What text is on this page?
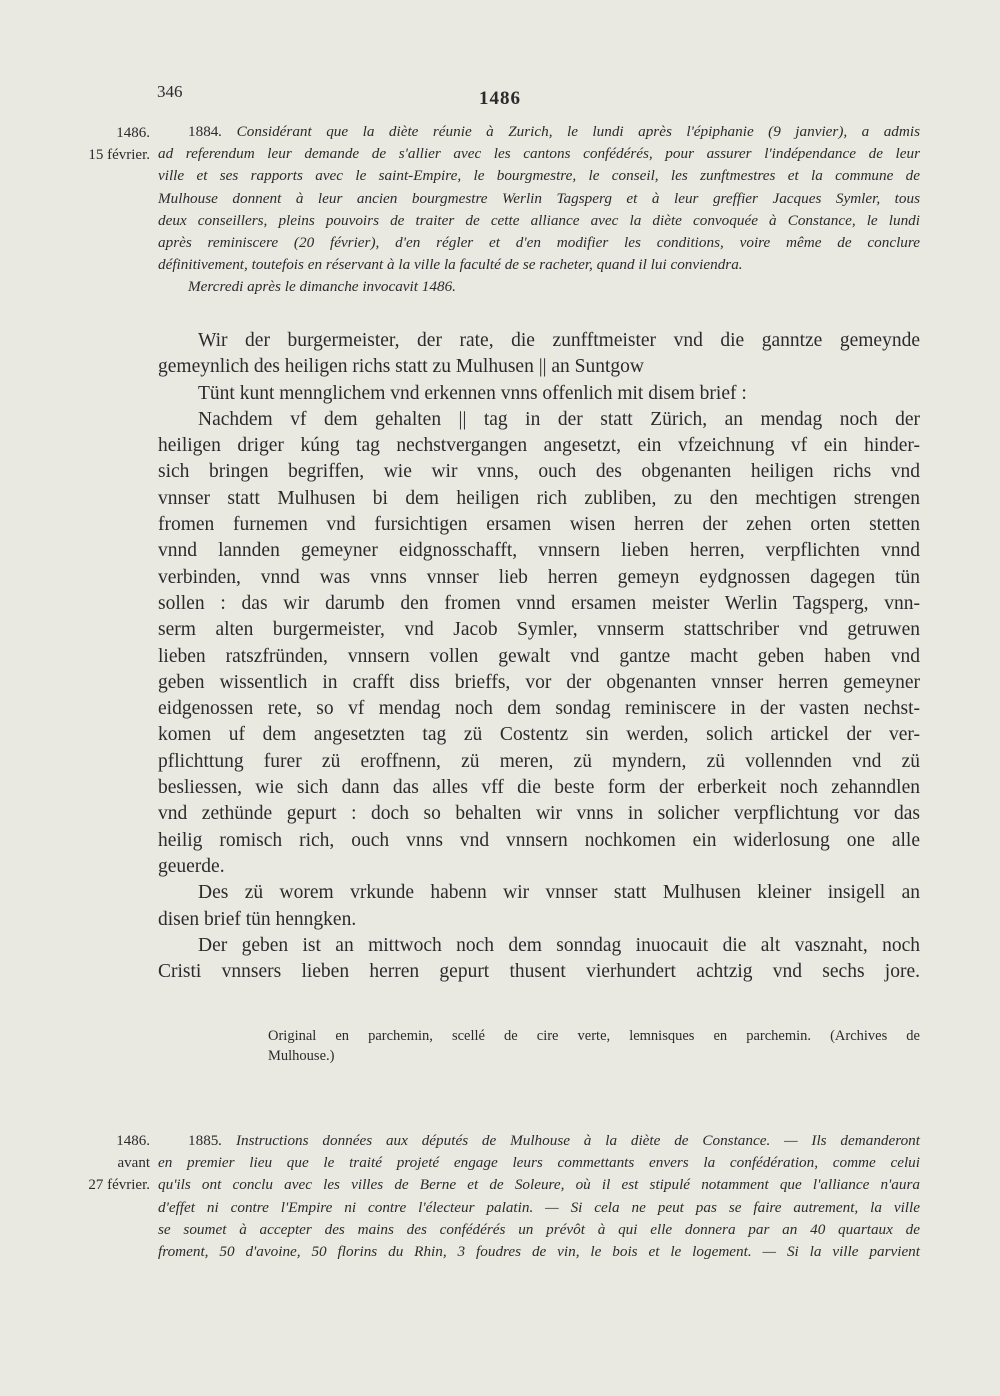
346	1486
1486.
15 février.
1884. Considérant que la diète réunie à Zurich, le lundi après l'épiphanie (9 janvier), a admis
ad referendum leur demande de s'allier avec les cantons confédérés, pour assurer l'indépendance de leur
ville et ses rapports avec le saint-Empire, le bourgmestre, le conseil, les zunftmestres et la commune de
Mulhouse donnent à leur ancien bourgmestre Werlin Tagsperg et à leur greffier Jacques Symler, tous
deux conseillers, pleins pouvoirs de traiter de cette alliance avec la diète convoquée à Constance, le lundi
après reminiscere (20 février), d'en régler et d'en modifier les conditions, voire même de conclure
définitivement, toutefois en réservant à la ville la faculté de se racheter, quand il lui conviendra.
Mercredi après le dimanche invocavit 1486.
Wir der burgermeister, der rate, die zunfftmeister vnd die ganntze gemeynde
gemeynlich des heiligen richs statt zu Mulhusen || an Suntgow
Tünt kunt mennglichem vnd erkennen vnns offenlich mit disem brief :
Nachdem vf dem gehalten || tag in der statt Zürich, an mendag noch der
heiligen driger kúng tag nechstvergangen angesetzt, ein vfzeichnung vf ein hinder-
sich bringen begriffen, wie wir vnns, ouch des obgenanten heiligen richs vnd
vnnser statt Mulhusen bi dem heiligen rich zubliben, zu den mechtigen strengen
fromen furnemen vnd fursichtigen ersamen wisen herren der zehen orten stetten
vnnd lannden gemeyner eidgnosschafft, vnnsern lieben herren, verpflichten vnnd
verbinden, vnnd was vnns vnnser lieb herren gemeyn eydgnossen dagegen tün
sollen : das wir darumb den fromen vnnd ersamen meister Werlin Tagsperg, vnn-
serm alten burgermeister, vnd Jacob Symler, vnnserm stattschriber vnd getruwen
lieben ratszfründen, vnnsern vollen gewalt vnd gantze macht geben haben vnd
geben wissentlich in crafft diss brieffs, vor der obgenanten vnnser herren gemeyner
eidgenossen rete, so vf mendag noch dem sondag reminiscere in der vasten nechst-
komen uf dem angesetzten tag zü Costentz sin werden, solich artickel der ver-
pflichttung furer zü eroffnenn, zü meren, zü myndern, zü vollennden vnd zü
besliessen, wie sich dann das alles vff die beste form der erberkeit noch zehanndlen
vnd zethünde gepurt : doch so behalten wir vnns in solicher verpflichtung vor das
heilig romisch rich, ouch vnns vnd vnnsern nochkomen ein widerlosung one alle
geuerde.
Des zü worem vrkunde habenn wir vnnser statt Mulhusen kleiner insigell an
disen brief tün henngken.
Der geben ist an mittwoch noch dem sonndag inuocauit die alt vasznaht, noch
Cristi vnnsers lieben herren gepurt thusent vierhundert achtzig vnd sechs jore.
Original en parchemin, scellé de cire verte, lemnisques en parchemin. (Archives de
Mulhouse.)
1486.
avant
27 février.
1885. Instructions données aux députés de Mulhouse à la diète de Constance. — Ils demanderont
en premier lieu que le traité projeté engage leurs commettants envers la confédération, comme celui
qu'ils ont conclu avec les villes de Berne et de Soleure, où il est stipulé notamment que l'alliance n'aura
d'effet ni contre l'Empire ni contre l'électeur palatin. — Si cela ne peut pas se faire autrement, la ville
se soumet à accepter des mains des confédérés un prévôt à qui elle donnera par an 40 quartaux de
froment, 50 d'avoine, 50 florins du Rhin, 3 foudres de vin, le bois et le logement. — Si la ville parvient
